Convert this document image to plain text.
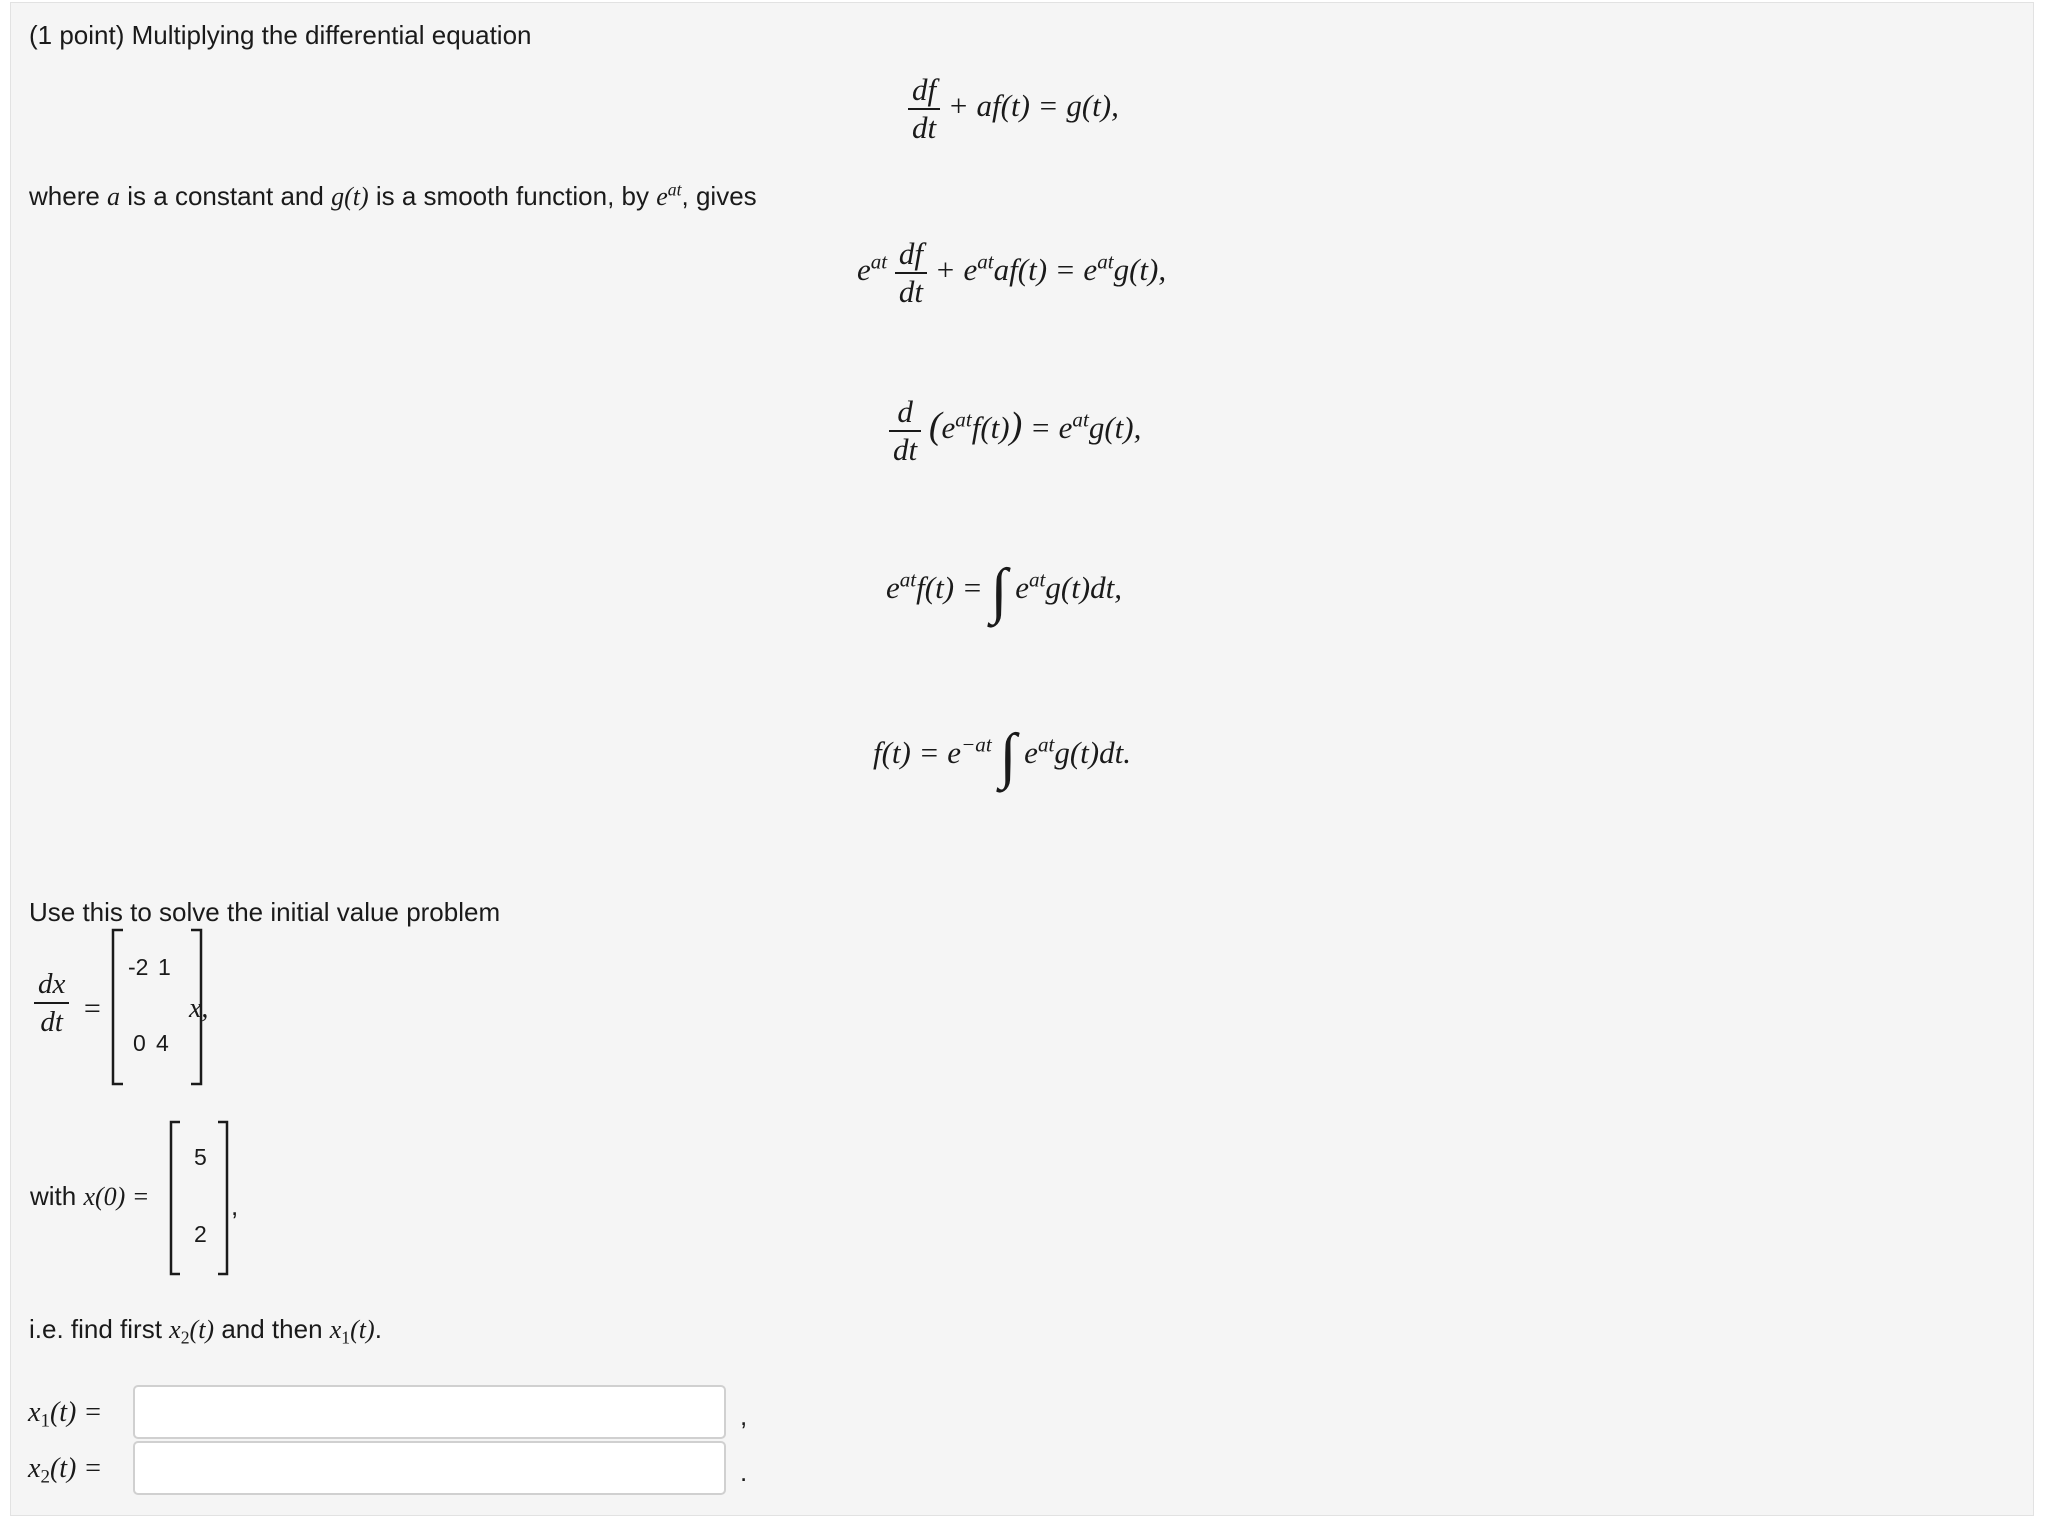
(1 point) Multiplying the differential equation
$\frac{df}{dt} + af(t) = g(t)$,
where a is a constant and g(t) is a smooth function, by $e^{at}$, gives
$e^{at} \frac{df}{dt} + e^{at}af(t) = e^{at}g(t)$,
$\frac{d}{dt} (e^{at}f(t)) = e^{at}g(t)$,
$e^{at}f(t)$ = ∫ $e^{at}g(t)dt$,
$f(t) = e^{-at}$ ∫ $e^{at}g(t)dt$.
Use this to solve the initial value problem
$\frac{dx}{dt}$ =
-2 1
0 4
x,
with x(0) =
5
2
,
i.e. find first $x_2(t)$ and then $x_1(t)$.
$x_1(t)$ =	,
$x_2(t)$ =	.
